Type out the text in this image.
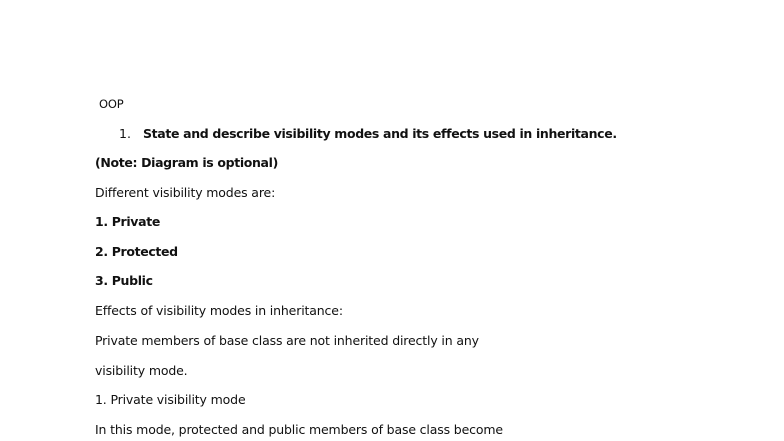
OOP

1. State and describe visibility modes and its effects used in inheritance.

(Note: Diagram is optional)

Different visibility modes are:

1. Private

2. Protected

3. Public

Effects of visibility modes in inheritance:

Private members of base class are not inherited directly in any

visibility mode.

1. Private visibility mode

In this mode, protected and public members of base class become
